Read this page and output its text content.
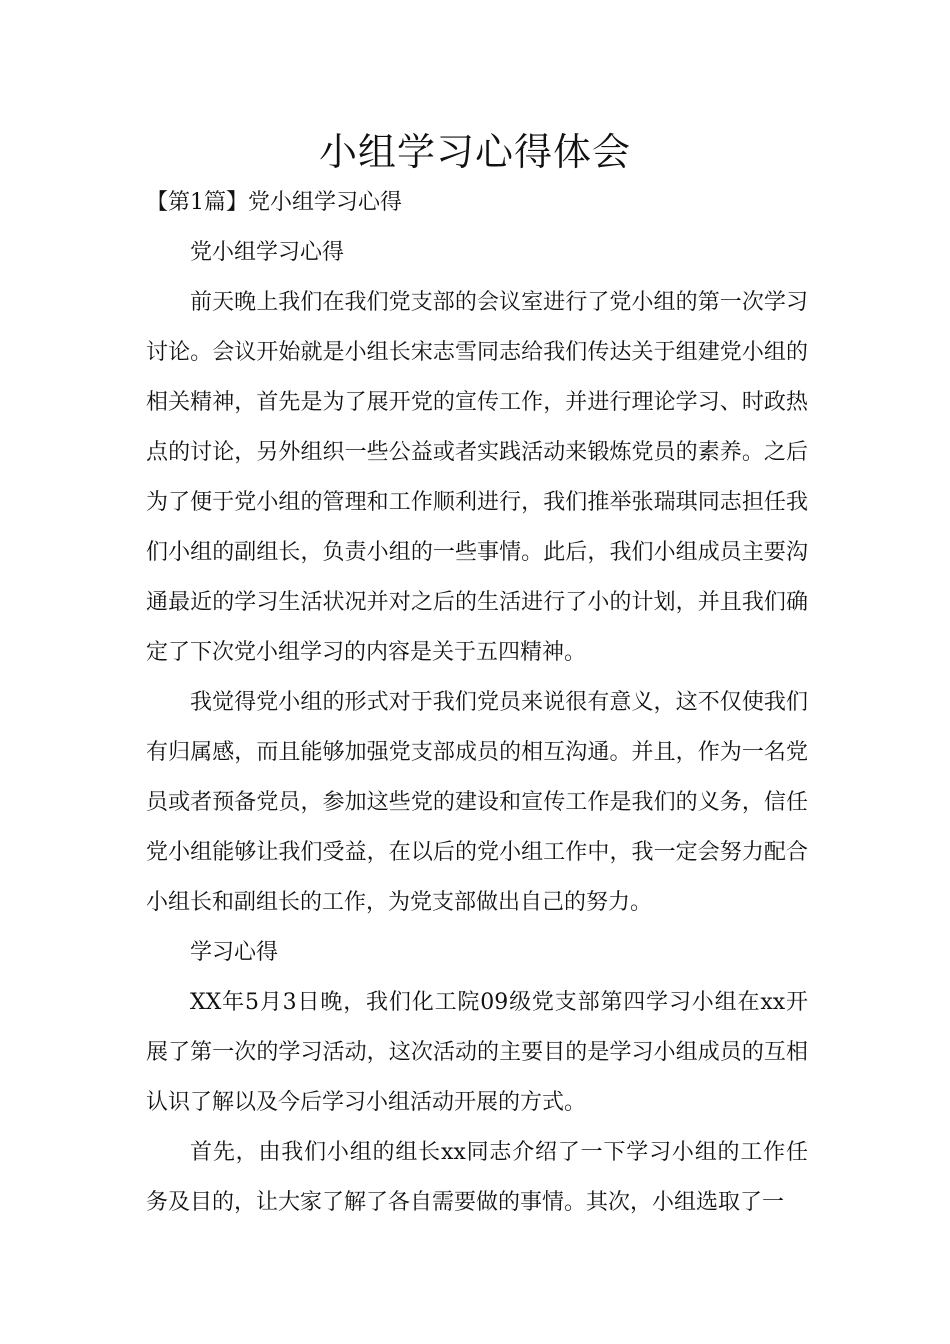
小组学习心得体会

【第1篇】党小组学习心得

党小组学习心得

前天晚上我们在我们党支部的会议室进行了党小组的第一次学习讨论。会议开始就是小组长宋志雪同志给我们传达关于组建党小组的相关精神，首先是为了展开党的宣传工作，并进行理论学习、时政热点的讨论，另外组织一些公益或者实践活动来锻炼党员的素养。之后为了便于党小组的管理和工作顺利进行，我们推举张瑞琪同志担任我们小组的副组长，负责小组的一些事情。此后，我们小组成员主要沟通最近的学习生活状况并对之后的生活进行了小的计划，并且我们确定了下次党小组学习的内容是关于五四精神。

我觉得党小组的形式对于我们党员来说很有意义，这不仅使我们有归属感，而且能够加强党支部成员的相互沟通。并且，作为一名党员或者预备党员，参加这些党的建设和宣传工作是我们的义务，信任党小组能够让我们受益，在以后的党小组工作中，我一定会努力配合小组长和副组长的工作，为党支部做出自己的努力。

学习心得

XX年5月3日晚，我们化工院09级党支部第四学习小组在xx开展了第一次的学习活动，这次活动的主要目的是学习小组成员的互相认识了解以及今后学习小组活动开展的方式。

首先，由我们小组的组长xx同志介绍了一下学习小组的工作任务及目的，让大家了解了各自需要做的事情。其次，小组选取了一
